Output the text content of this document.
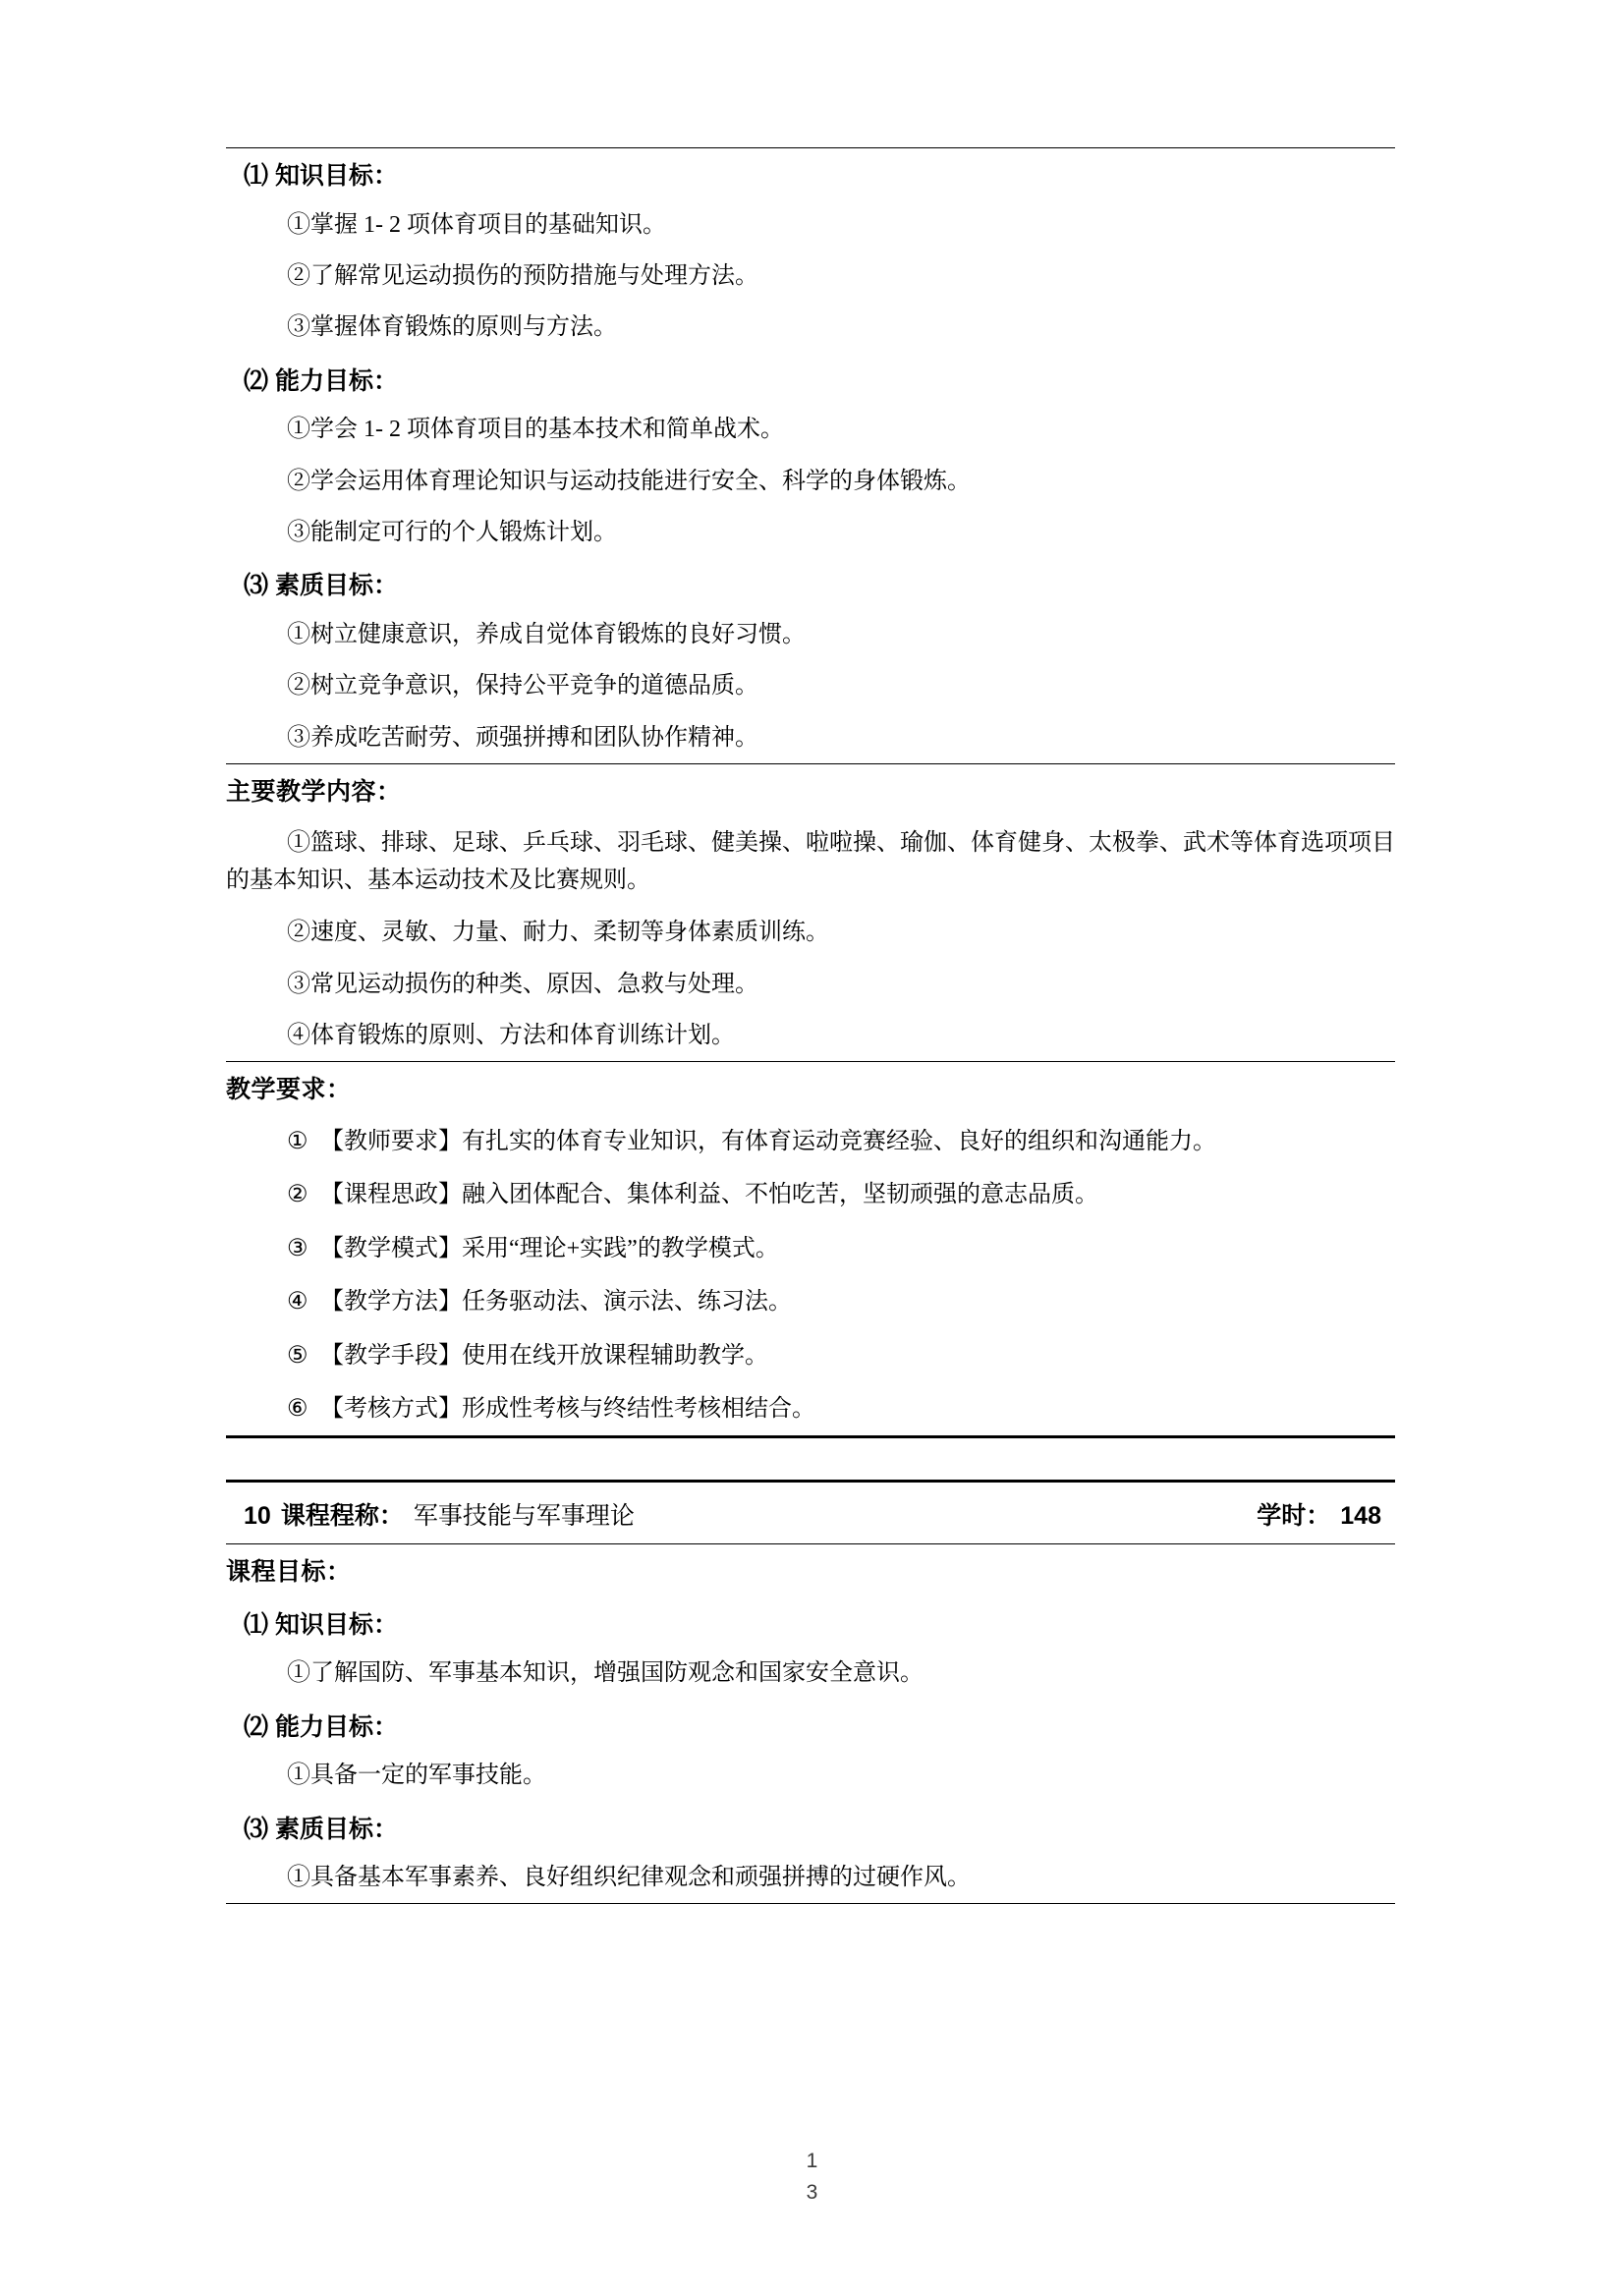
⑴ 知识目标：
①掌握 1- 2 项体育项目的基础知识。
②了解常见运动损伤的预防措施与处理方法。
③掌握体育锻炼的原则与方法。
⑵ 能力目标：
①学会 1- 2 项体育项目的基本技术和简单战术。
②学会运用体育理论知识与运动技能进行安全、科学的身体锻炼。
③能制定可行的个人锻炼计划。
⑶ 素质目标：
①树立健康意识，养成自觉体育锻炼的良好习惯。
②树立竞争意识，保持公平竞争的道德品质。
③养成吃苦耐劳、顽强拼搏和团队协作精神。
主要教学内容：
①篮球、排球、足球、乒乓球、羽毛球、健美操、啦啦操、瑜伽、体育健身、太极拳、武术等体育选项项目的基本知识、基本运动技术及比赛规则。
②速度、灵敏、力量、耐力、柔韧等身体素质训练。
③常见运动损伤的种类、原因、急救与处理。
④体育锻炼的原则、方法和体育训练计划。
教学要求：
① 【教师要求】有扎实的体育专业知识，有体育运动竞赛经验、良好的组织和沟通能力。
② 【课程思政】融入团体配合、集体利益、不怕吃苦，坚韧顽强的意志品质。
③ 【教学模式】采用“理论+实践”的教学模式。
④ 【教学方法】任务驱动法、演示法、练习法。
⑤ 【教学手段】使用在线开放课程辅助教学。
⑥ 【考核方式】形成性考核与终结性考核相结合。
10 课程程称： 军事技能与军事理论	学时： 148
课程目标：
⑴ 知识目标：
①了解国防、军事基本知识，增强国防观念和国家安全意识。
⑵ 能力目标：
①具备一定的军事技能。
⑶ 素质目标：
①具备基本军事素养、良好组织纪律观念和顽强拼搏的过硬作风。
1
3
